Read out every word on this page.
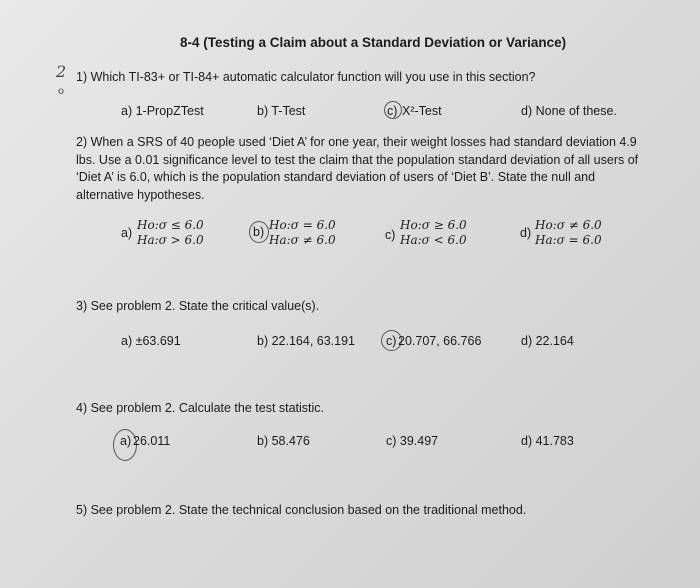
8-4 (Testing a Claim about a Standard Deviation or Variance)
2
o
1) Which TI-83+ or TI-84+ automatic calculator function will you use in this section?
a) 1-PropZTest	b) T-Test	c) X²-Test	d) None of these.
2) When a SRS of 40 people used ‘Diet A’ for one year, their weight losses had standard deviation 4.9 lbs. Use a 0.01 significance level to test the claim that the population standard deviation of all users of ‘Diet A’ is 6.0, which is the population standard deviation of users of ‘Diet B’. State the null and alternative hypotheses.
a)
Ho:σ ≤ 6.0
Ha:σ > 6.0
b) Ho:σ = 6.0
Ha:σ ≠ 6.0	c)
Ho:σ ≥ 6.0
Ha:σ < 6.0	d)
Ho:σ ≠ 6.0
Ha:σ = 6.0
3) See problem 2. State the critical value(s).
a) ±63.691	b) 22.164, 63.191 c) 20.707, 66.766	d) 22.164
4) See problem 2. Calculate the test statistic.
a) 26.011	b) 58.476	c) 39.497	d) 41.783
5) See problem 2. State the technical conclusion based on the traditional method.
